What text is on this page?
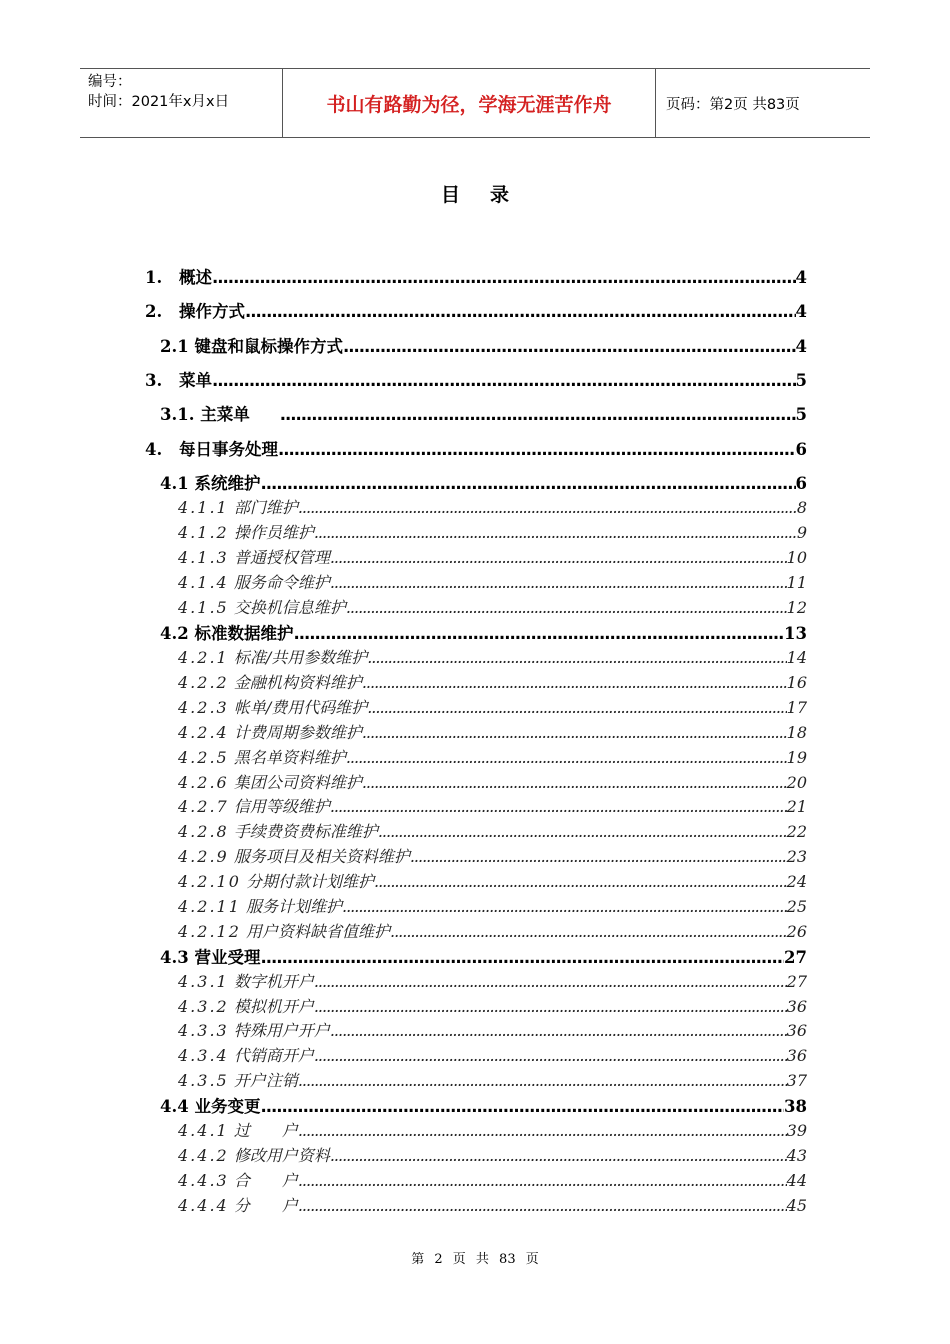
编号：
时间：2021年x月x日	书山有路勤为径，学海无涯苦作舟	页码：第2页 共83页
目录
1. 概述 .....	4
2. 操作方式 .....	4
2.1 键盘和鼠标操作方式 .....	4
3. 菜单 .....	5
3.1. 主菜单 .....	5
4. 每日事务处理 .....	6
4.1 系统维护 .....	6
4.1.1 部门维护 .....	8
4.1.2 操作员维护 .....	9
4.1.3 普通授权管理 .....	10
4.1.4 服务命令维护 .....	11
4.1.5 交换机信息维护 .....	12
4.2 标准数据维护 .....	13
4.2.1 标准/共用参数维护 .....	14
4.2.2 金融机构资料维护 .....	16
4.2.3 帐单/费用代码维护 .....	17
4.2.4 计费周期参数维护 .....	18
4.2.5 黑名单资料维护 .....	19
4.2.6 集团公司资料维护 .....	20
4.2.7 信用等级维护 .....	21
4.2.8 手续费资费标准维护 .....	22
4.2.9 服务项目及相关资料维护 .....	23
4.2.10 分期付款计划维护 .....	24
4.2.11 服务计划维护 .....	25
4.2.12 用户资料缺省值维护 .....	26
4.3 营业受理 .....	27
4.3.1 数字机开户 .....	27
4.3.2 模拟机开户 .....	36
4.3.3 特殊用户开户 .....	36
4.3.4 代销商开户 .....	36
4.3.5 开户注销 .....	37
4.4 业务变更 .....	38
4.4.1 过　　户 .....	39
4.4.2 修改用户资料 .....	43
4.4.3 合　　户 .....	44
4.4.4 分　　户 .....	45
第 2 页 共 83 页
